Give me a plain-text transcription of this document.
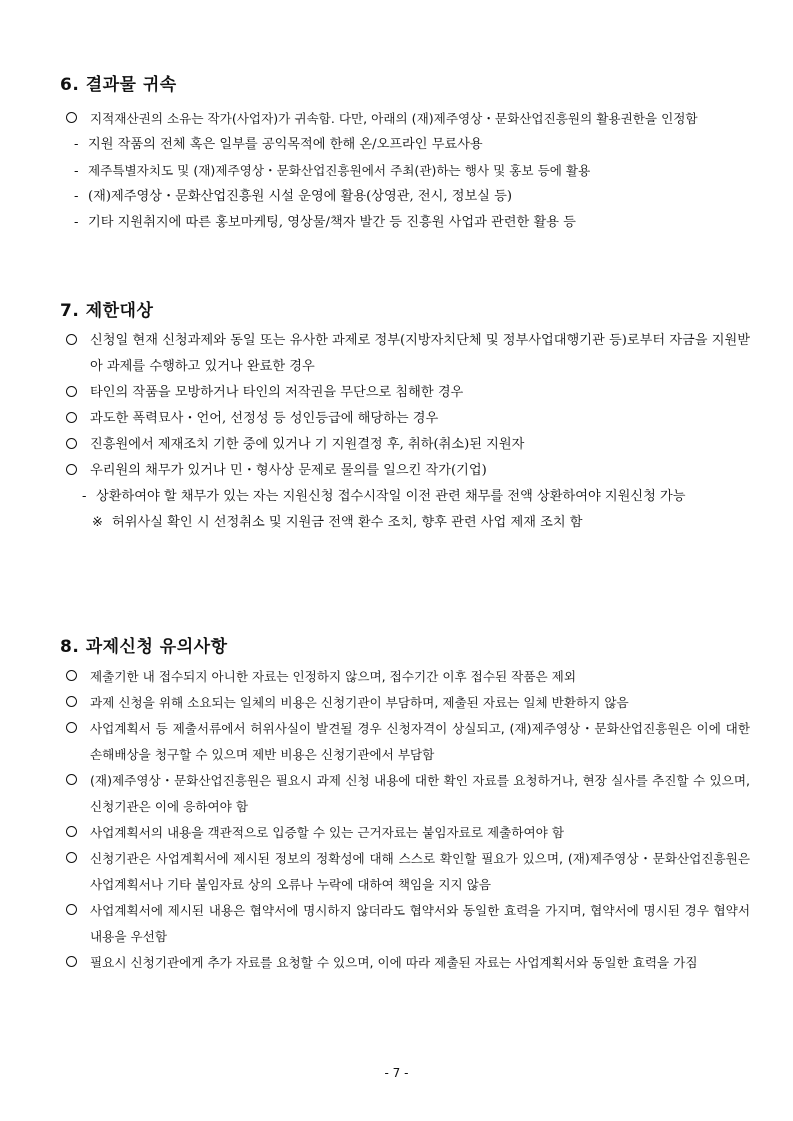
6. 결과물 귀속
지적재산권의 소유는 작가(사업자)가 귀속함. 다만, 아래의 (재)제주영상・문화산업진흥원의 활용권한을 인정함
- 지원 작품의 전체 혹은 일부를 공익목적에 한해 온/오프라인 무료사용
- 제주특별자치도 및 (재)제주영상・문화산업진흥원에서 주최(관)하는 행사 및 홍보 등에 활용
- (재)제주영상・문화산업진흥원 시설 운영에 활용(상영관, 전시, 정보실 등)
- 기타 지원취지에 따른 홍보마케팅, 영상물/책자 발간 등 진흥원 사업과 관련한 활용 등
7. 제한대상
신청일 현재 신청과제와 동일 또는 유사한 과제로 정부(지방자치단체 및 정부사업대행기관 등)로부터 자금을 지원받아 과제를 수행하고 있거나 완료한 경우
타인의 작품을 모방하거나 타인의 저작권을 무단으로 침해한 경우
과도한 폭력묘사・언어, 선정성 등 성인등급에 해당하는 경우
진흥원에서 제재조치 기한 중에 있거나 기 지원결정 후, 취하(취소)된 지원자
우리원의 채무가 있거나 민・형사상 문제로 물의를 일으킨 작가(기업)
- 상환하여야 할 채무가 있는 자는 지원신청 접수시작일 이전 관련 채무를 전액 상환하여야 지원신청 가능
※ 허위사실 확인 시 선정취소 및 지원금 전액 환수 조치, 향후 관련 사업 제재 조치 함
8. 과제신청 유의사항
제출기한 내 접수되지 아니한 자료는 인정하지 않으며, 접수기간 이후 접수된 작품은 제외
과제 신청을 위해 소요되는 일체의 비용은 신청기관이 부담하며, 제출된 자료는 일체 반환하지 않음
사업계획서 등 제출서류에서 허위사실이 발견될 경우 신청자격이 상실되고, (재)제주영상・문화산업진흥원은 이에 대한 손해배상을 청구할 수 있으며 제반 비용은 신청기관에서 부담함
(재)제주영상・문화산업진흥원은 필요시 과제 신청 내용에 대한 확인 자료를 요청하거나, 현장 실사를 추진할 수 있으며, 신청기관은 이에 응하여야 함
사업계획서의 내용을 객관적으로 입증할 수 있는 근거자료는 붙임자료로 제출하여야 함
신청기관은 사업계획서에 제시된 정보의 정확성에 대해 스스로 확인할 필요가 있으며, (재)제주영상・문화산업진흥원은 사업계획서나 기타 붙임자료 상의 오류나 누락에 대하여 책임을 지지 않음
사업계획서에 제시된 내용은 협약서에 명시하지 않더라도 협약서와 동일한 효력을 가지며, 협약서에 명시된 경우 협약서 내용을 우선함
필요시 신청기관에게 추가 자료를 요청할 수 있으며, 이에 따라 제출된 자료는 사업계획서와 동일한 효력을 가짐
- 7 -
